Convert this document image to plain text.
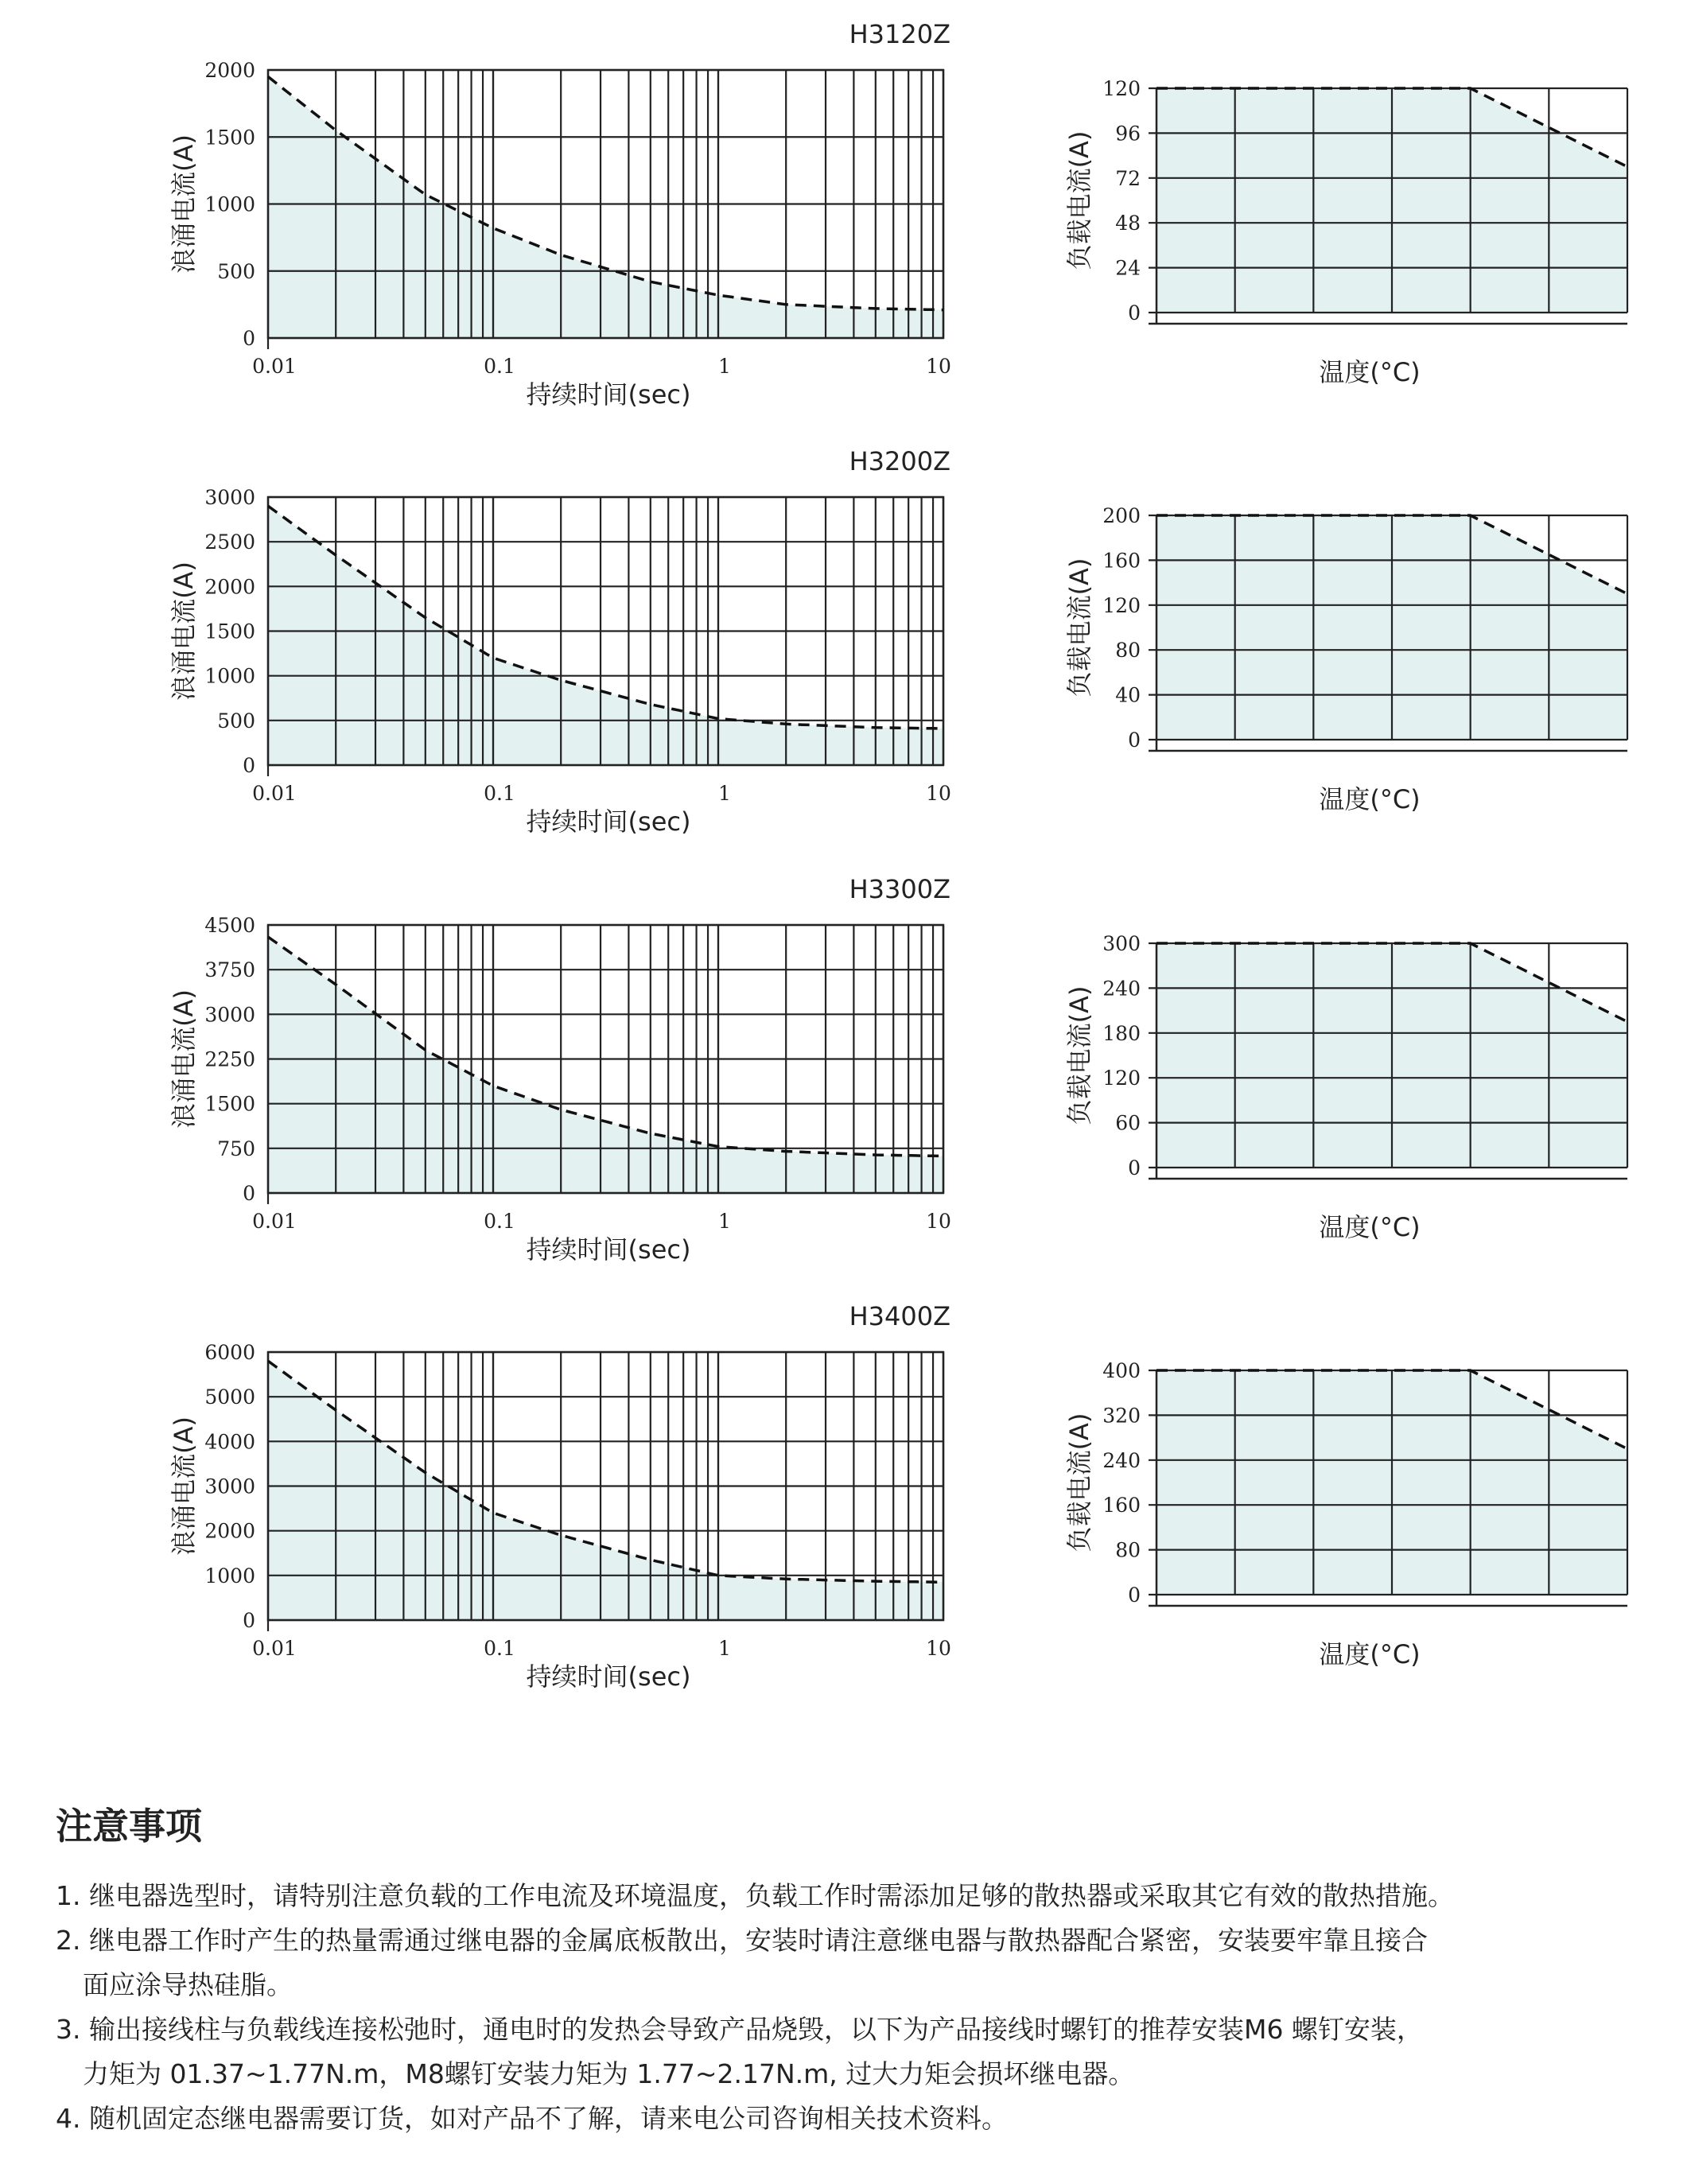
H3120Z
0
500
1000
1500
2000
0.01	0.1	1	10
持续时间(sec)
浪涌电流(A)
0
24
48
72
96
120
温度(°C)
负载电流(A)
H3200Z
0
500
1000
1500
2000
2500
3000
0.01	0.1	1	10
持续时间(sec)
浪涌电流(A)
0
40
80
120
160
200
温度(°C)
负载电流(A)
H3300Z
0
750
1500
2250
3000
3750
4500
0.01	0.1	1	10
持续时间(sec)
浪涌电流(A)
0
60
120
180
240
300
温度(°C)
负载电流(A)
H3400Z
0
1000
2000
3000
4000
5000
6000
0.01	0.1	1	10
持续时间(sec)
浪涌电流(A)
0
80
160
240
320
400
温度(°C)
负载电流(A)
注意事项

1. 继电器选型时，请特别注意负载的工作电流及环境温度，负载工作时需添加足够的散热器或采取其它有效的散热措施。

2. 继电器工作时产生的热量需通过继电器的金属底板散出，安装时请注意继电器与散热器配合紧密，安装要牢靠且接合

面应涂导热硅脂。

3. 输出接线柱与负载线连接松弛时，通电时的发热会导致产品烧毁，以下为产品接线时螺钉的推荐安装M6 螺钉安装，

力矩为 01.37~1.77N.m，M8螺钉安装力矩为 1.77~2.17N.m, 过大力矩会损坏继电器。

4. 随机固定态继电器需要订货，如对产品不了解，请来电公司咨询相关技术资料。
